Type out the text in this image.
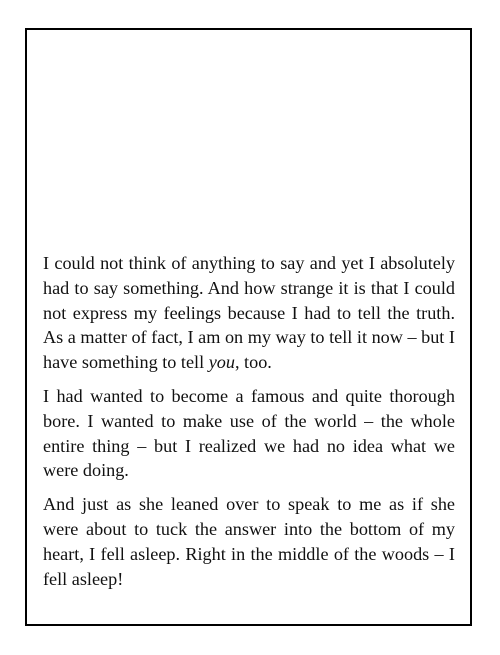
I could not think of anything to say and yet I absolutely had to say something. And how strange it is that I could not express my feelings because I had to tell the truth. As a matter of fact, I am on my way to tell it now – but I have something to tell you, too.

I had wanted to become a famous and quite thorough bore. I wanted to make use of the world – the whole entire thing – but I realized we had no idea what we were doing.

And just as she leaned over to speak to me as if she were about to tuck the answer into the bottom of my heart, I fell asleep. Right in the middle of the woods – I fell asleep!
